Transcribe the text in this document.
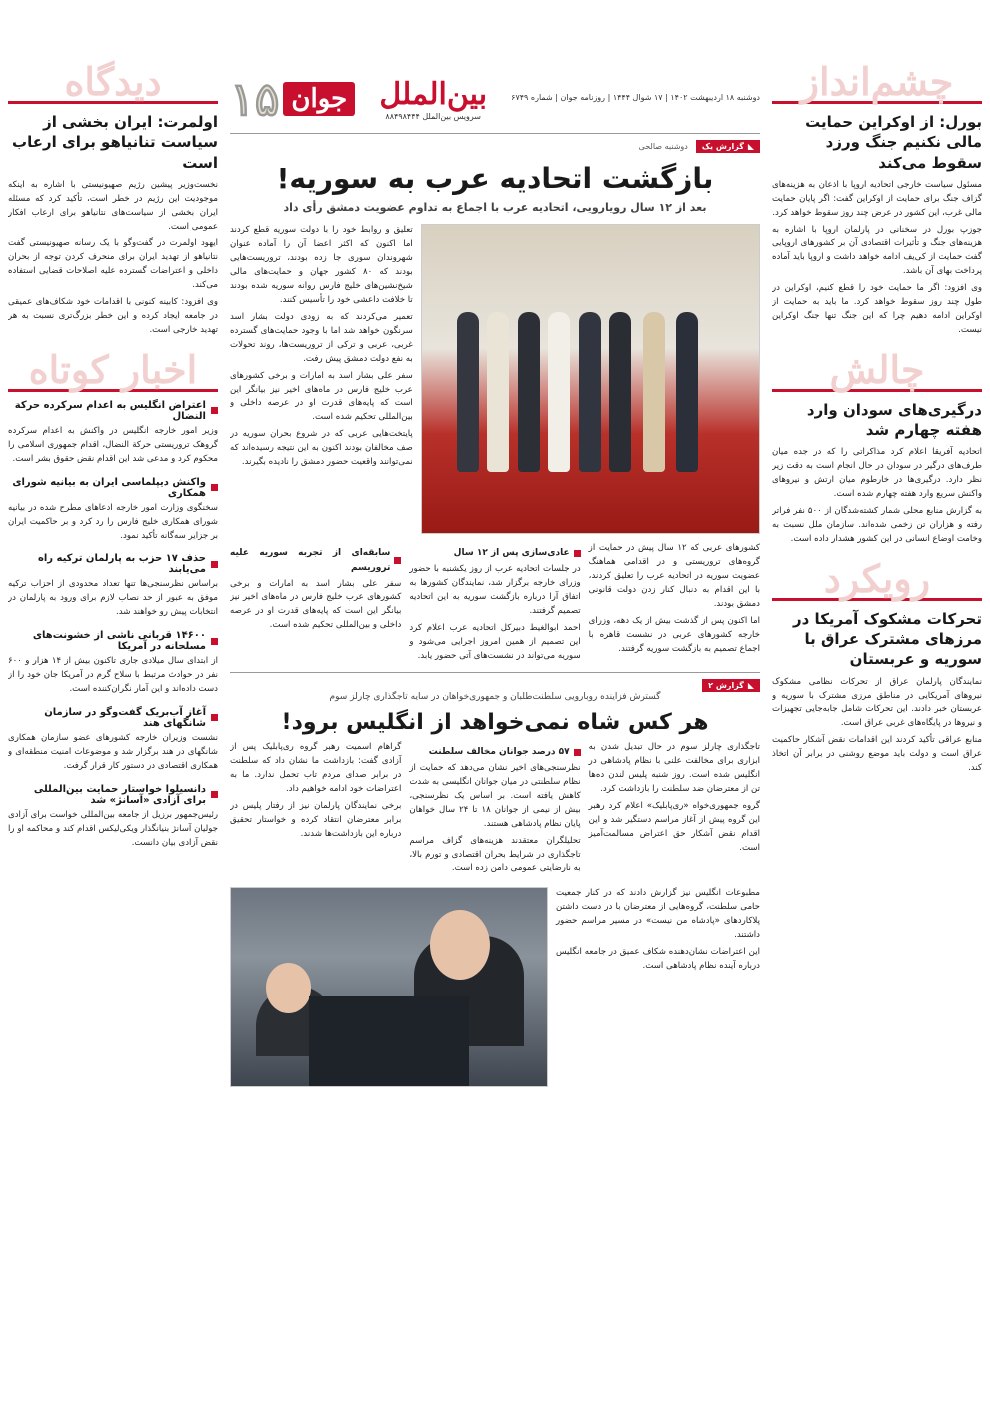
چشم‌انداز
بورل: از اوکراین حمایت مالی نکنیم جنگ ورزد سقوط می‌کند

مسئول سیاست خارجی اتحادیه اروپا با اذعان به هزینه‌های گزاف جنگ برای حمایت از اوکراین گفت: اگر پایان حمایت مالی غرب، این کشور در عرض چند روز سقوط خواهد کرد.

جوزپ بورل در سخنانی در پارلمان اروپا با اشاره به هزینه‌های جنگ و تأثیرات اقتصادی آن بر کشورهای اروپایی گفت حمایت از کی‌یف ادامه خواهد داشت و اروپا باید آماده پرداخت بهای آن باشد.

وی افزود: اگر ما حمایت خود را قطع کنیم، اوکراین در طول چند روز سقوط خواهد کرد. ما باید به حمایت از اوکراین ادامه دهیم چرا که این جنگ تنها جنگ اوکراین نیست.

چالش
درگیری‌های سودان وارد هفته چهارم شد

اتحادیه آفریقا اعلام کرد مذاکراتی را که در جده میان طرف‌های درگیر در سودان در حال انجام است به دقت زیر نظر دارد. درگیری‌ها در خارطوم میان ارتش و نیروهای واکنش سریع وارد هفته چهارم شده است.

به گزارش منابع محلی شمار کشته‌شدگان از ۵۰۰ نفر فراتر رفته و هزاران تن زخمی شده‌اند. سازمان ملل نسبت به وخامت اوضاع انسانی در این کشور هشدار داده است.

رویکرد
تحرکات مشکوک آمریکا در مرزهای مشترک عراق با سوریه و عربستان

نمایندگان پارلمان عراق از تحرکات نظامی مشکوک نیروهای آمریکایی در مناطق مرزی مشترک با سوریه و عربستان خبر دادند. این تحرکات شامل جابه‌جایی تجهیزات و نیروها در پایگاه‌های غربی عراق است.

منابع عراقی تأکید کردند این اقدامات نقض آشکار حاکمیت عراق است و دولت باید موضع روشنی در برابر آن اتخاذ کند.

دیدگاه
اولمرت: ایران بخشی از سیاست تنانیاهو برای ارعاب است

نخست‌وزیر پیشین رژیم صهیونیستی با اشاره به اینکه موجودیت این رژیم در خطر است، تأکید کرد که مسئله ایران بخشی از سیاست‌های نتانیاهو برای ارعاب افکار عمومی است.

ایهود اولمرت در گفت‌وگو با یک رسانه صهیونیستی گفت نتانیاهو از تهدید ایران برای منحرف کردن توجه از بحران داخلی و اعتراضات گسترده علیه اصلاحات قضایی استفاده می‌کند.

وی افزود: کابینه کنونی با اقدامات خود شکاف‌های عمیقی در جامعه ایجاد کرده و این خطر بزرگ‌تری نسبت به هر تهدید خارجی است.

اخبار کوتاه
اعتراض انگلیس به اعدام سرکرده حرکة النضال
وزیر امور خارجه انگلیس در واکنش به اعدام سرکرده گروهک تروریستی حرکة النضال، اقدام جمهوری اسلامی را محکوم کرد و مدعی شد این اقدام نقض حقوق بشر است.
واکنش دیپلماسی ایران به بیانیه شورای همکاری
سخنگوی وزارت امور خارجه ادعاهای مطرح شده در بیانیه شورای همکاری خلیج فارس را رد کرد و بر حاکمیت ایران بر جزایر سه‌گانه تأکید نمود.
حذف ۱۷ حزب به پارلمان ترکیه راه می‌یابند
براساس نظرسنجی‌ها تنها تعداد محدودی از احزاب ترکیه موفق به عبور از حد نصاب لازم برای ورود به پارلمان در انتخابات پیش رو خواهند شد.
۱۴۶۰۰ قربانی ناشی از خشونت‌های مسلحانه در آمریکا
از ابتدای سال میلادی جاری تاکنون بیش از ۱۴ هزار و ۶۰۰ نفر در حوادث مرتبط با سلاح گرم در آمریکا جان خود را از دست داده‌اند و این آمار نگران‌کننده است.
آغاز آب‌بریک گفت‌وگو در سازمان شانگهای هند
نشست وزیران خارجه کشورهای عضو سازمان همکاری شانگهای در هند برگزار شد و موضوعات امنیت منطقه‌ای و همکاری اقتصادی در دستور کار قرار گرفت.
دانسیلوا خواستار حمایت بین‌المللی برای آزادی «آسانژ» شد
رئیس‌جمهور برزیل از جامعه بین‌المللی خواست برای آزادی جولیان آسانژ بنیانگذار ویکی‌لیکس اقدام کند و محاکمه او را نقض آزادی بیان دانست.
دوشنبه ۱۸ اردیبهشت ۱۴۰۲ | ۱۷ شوال ۱۴۴۴ | روزنامه جوان | شماره ۶۷۴۹
بین‌الملل
سرویس بین‌الملل ۸۸۴۹۸۴۴۴
جوان
۱۵
◣
گزارش یک
دوشنبه صالحی
بازگشت اتحادیه عرب به سوریه!
بعد از ۱۲ سال رویارویی، اتحادیه عرب با اجماع به تداوم عضویت دمشق رأی داد

تعلیق و روابط خود را با دولت سوریه قطع کردند اما اکنون که اکثر اعضا آن را آماده عنوان شهروندان سوری جا زده بودند، تروریست‌هایی بودند که ۸۰ کشور جهان و حمایت‌های مالی شیخ‌نشین‌های خلیج فارس روانه سوریه شده بودند تا خلافت داعشی خود را تأسیس کنند.

تعمیر می‌کردند که به زودی دولت بشار اسد سرنگون خواهد شد اما با وجود حمایت‌های گسترده غربی، عربی و ترکی از تروریست‌ها، روند تحولات به نفع دولت دمشق پیش رفت.

سفر علی بشار اسد به امارات و برخی کشورهای عرب خلیج فارس در ماه‌های اخیر نیز بیانگر این است که پایه‌های قدرت او در عرصه داخلی و بین‌المللی تحکیم شده است.

پایتخت‌هایی عربی که در شروع بحران سوریه در صف مخالفان بودند اکنون به این نتیجه رسیده‌اند که نمی‌توانند واقعیت حضور دمشق را نادیده بگیرند.

کشورهای عربی که ۱۲ سال پیش در حمایت از گروه‌های تروریستی و در اقدامی هماهنگ عضویت سوریه در اتحادیه عرب را تعلیق کردند، با این اقدام به دنبال کنار زدن دولت قانونی دمشق بودند.

اما اکنون پس از گذشت بیش از یک دهه، وزرای خارجه کشورهای عربی در نشست قاهره با اجماع تصمیم به بازگشت سوریه گرفتند.

عادی‌سازی پس از ۱۲ سال

در جلسات اتحادیه عرب از روز یکشنبه با حضور وزرای خارجه برگزار شد، نمایندگان کشورها به اتفاق آرا درباره بازگشت سوریه به این اتحادیه تصمیم گرفتند.

احمد ابوالغیط دبیرکل اتحادیه عرب اعلام کرد این تصمیم از همین امروز اجرایی می‌شود و سوریه می‌تواند در نشست‌های آتی حضور یابد.

سابقه‌ای از تجربه سوریه علیه تروریسم

سفر علی بشار اسد به امارات و برخی کشورهای عرب خلیج فارس در ماه‌های اخیر نیز بیانگر این است که پایه‌های قدرت او در عرصه داخلی و بین‌المللی تحکیم شده است.

◣
گزارش ۲
گسترش فزاینده روبارویی سلطنت‌طلبان و جمهوری‌خواهان در سایه تاجگذاری چارلز سوم
هر کس شاه نمی‌خواهد از انگلیس برود!

تاجگذاری چارلز سوم در حال تبدیل شدن به ابزاری برای مخالفت علنی با نظام پادشاهی در انگلیس شده است. روز شنبه پلیس لندن ده‌ها تن از معترضان ضد سلطنت را بازداشت کرد.

گروه جمهوری‌خواه «ری‌پابلیک» اعلام کرد رهبر این گروه پیش از آغاز مراسم دستگیر شد و این اقدام نقض آشکار حق اعتراض مسالمت‌آمیز است.

۵۷ درصد جوانان مخالف سلطنت

نظرسنجی‌های اخیر نشان می‌دهد که حمایت از نظام سلطنتی در میان جوانان انگلیسی به شدت کاهش یافته است. بر اساس یک نظرسنجی، بیش از نیمی از جوانان ۱۸ تا ۲۴ سال خواهان پایان نظام پادشاهی هستند.

تحلیلگران معتقدند هزینه‌های گزاف مراسم تاجگذاری در شرایط بحران اقتصادی و تورم بالا، به نارضایتی عمومی دامن زده است.

گراهام اسمیت رهبر گروه ری‌پابلیک پس از آزادی گفت: بازداشت ما نشان داد که سلطنت در برابر صدای مردم تاب تحمل ندارد. ما به اعتراضات خود ادامه خواهیم داد.

برخی نمایندگان پارلمان نیز از رفتار پلیس در برابر معترضان انتقاد کرده و خواستار تحقیق درباره این بازداشت‌ها شدند.

مطبوعات انگلیس نیز گزارش دادند که در کنار جمعیت حامی سلطنت، گروه‌هایی از معترضان با در دست داشتن پلاکاردهای «پادشاه من نیست» در مسیر مراسم حضور داشتند.

این اعتراضات نشان‌دهنده شکاف عمیق در جامعه انگلیس درباره آینده نظام پادشاهی است.
